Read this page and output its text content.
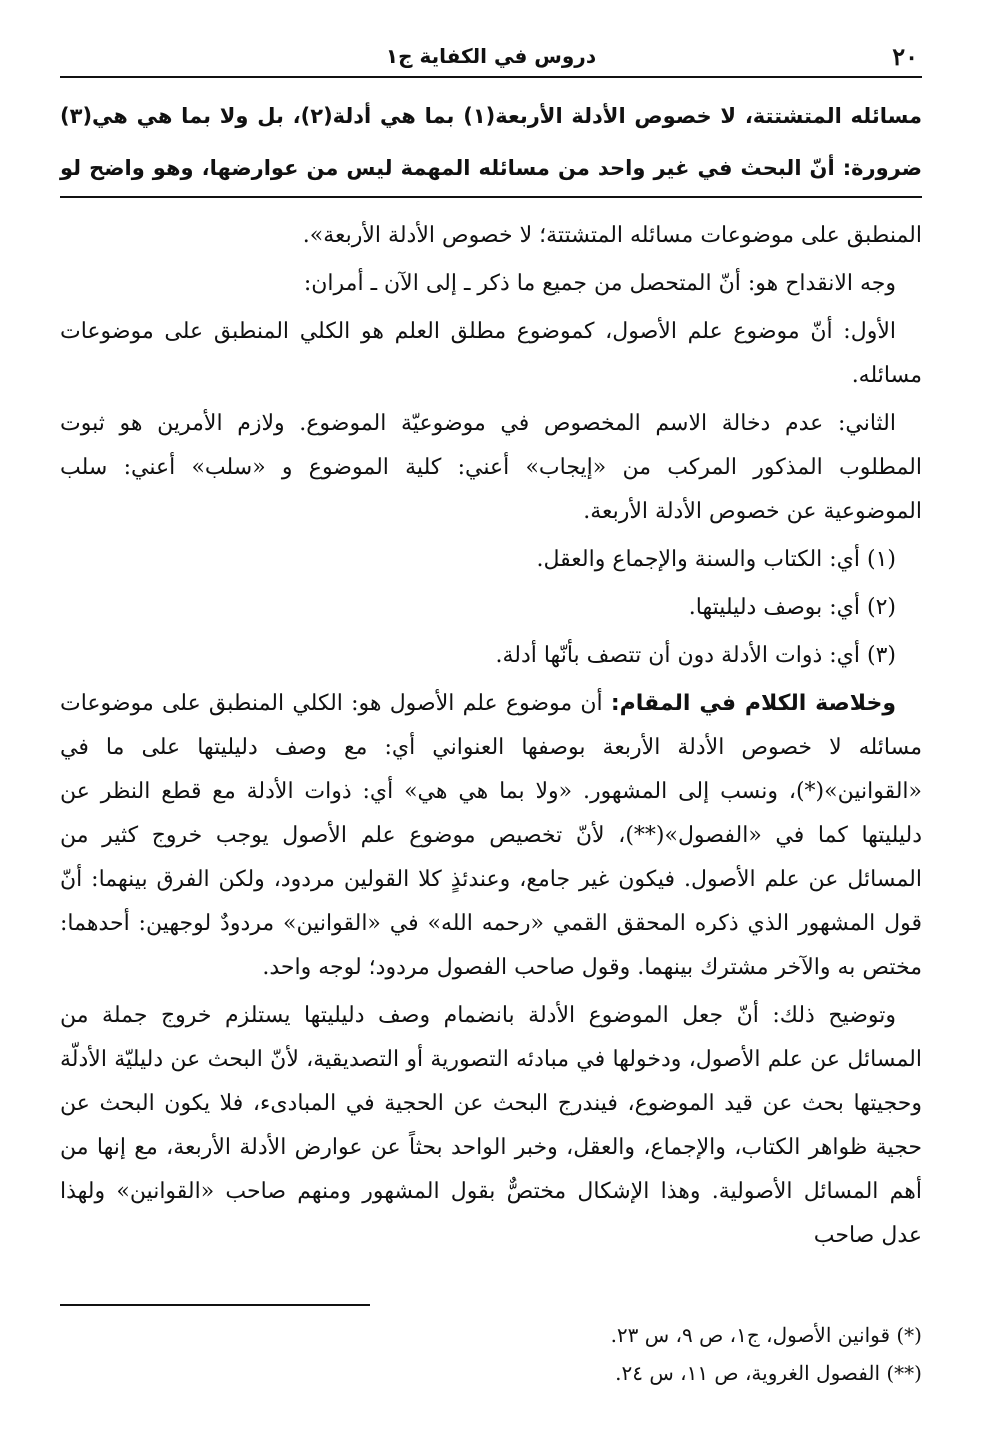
٢٠
دروس في الكفاية ج١

مسائله المتشتتة، لا خصوص الأدلة الأربعة(١) بما هي أدلة(٢)، بل ولا بما هي هي(٣)

ضرورة: أنّ البحث في غير واحد من مسائله المهمة ليس من عوارضها، وهو واضح لو

المنطبق على موضوعات مسائله المتشتتة؛ لا خصوص الأدلة الأربعة».

وجه الانقداح هو: أنّ المتحصل من جميع ما ذكر ـ إلى الآن ـ أمران:

الأول: أنّ موضوع علم الأصول، كموضوع مطلق العلم هو الكلي المنطبق على موضوعات مسائله.

الثاني: عدم دخالة الاسم المخصوص في موضوعيّة الموضوع. ولازم الأمرين هو ثبوت المطلوب المذكور المركب من «إيجاب» أعني: كلية الموضوع و «سلب» أعني: سلب الموضوعية عن خصوص الأدلة الأربعة.

(١) أي: الكتاب والسنة والإجماع والعقل.

(٢) أي: بوصف دليليتها.

(٣) أي: ذوات الأدلة دون أن تتصف بأنّها أدلة.

وخلاصة الكلام في المقام: أن موضوع علم الأصول هو: الكلي المنطبق على موضوعات مسائله لا خصوص الأدلة الأربعة بوصفها العنواني أي: مع وصف دليليتها على ما في «القوانين»(*)، ونسب إلى المشهور. «ولا بما هي هي» أي: ذوات الأدلة مع قطع النظر عن دليليتها كما في «الفصول»(**)، لأنّ تخصيص موضوع علم الأصول يوجب خروج كثير من المسائل عن علم الأصول. فيكون غير جامع، وعندئذٍ كلا القولين مردود، ولكن الفرق بينهما: أنّ قول المشهور الذي ذكره المحقق القمي «رحمه الله» في «القوانين» مردودٌ لوجهين: أحدهما: مختص به والآخر مشترك بينهما. وقول صاحب الفصول مردود؛ لوجه واحد.

وتوضيح ذلك: أنّ جعل الموضوع الأدلة بانضمام وصف دليليتها يستلزم خروج جملة من المسائل عن علم الأصول، ودخولها في مبادئه التصورية أو التصديقية، لأنّ البحث عن دليليّة الأدلّة وحجيتها بحث عن قيد الموضوع، فيندرج البحث عن الحجية في المبادىء، فلا يكون البحث عن حجية ظواهر الكتاب، والإجماع، والعقل، وخبر الواحد بحثاً عن عوارض الأدلة الأربعة، مع إنها من أهم المسائل الأصولية. وهذا الإشكال مختصٌّ بقول المشهور ومنهم صاحب «القوانين» ولهذا عدل صاحب

(*) قوانين الأصول، ج١، ص ٩، س ٢٣.

(**) الفصول الغروية، ص ١١، س ٢٤.
